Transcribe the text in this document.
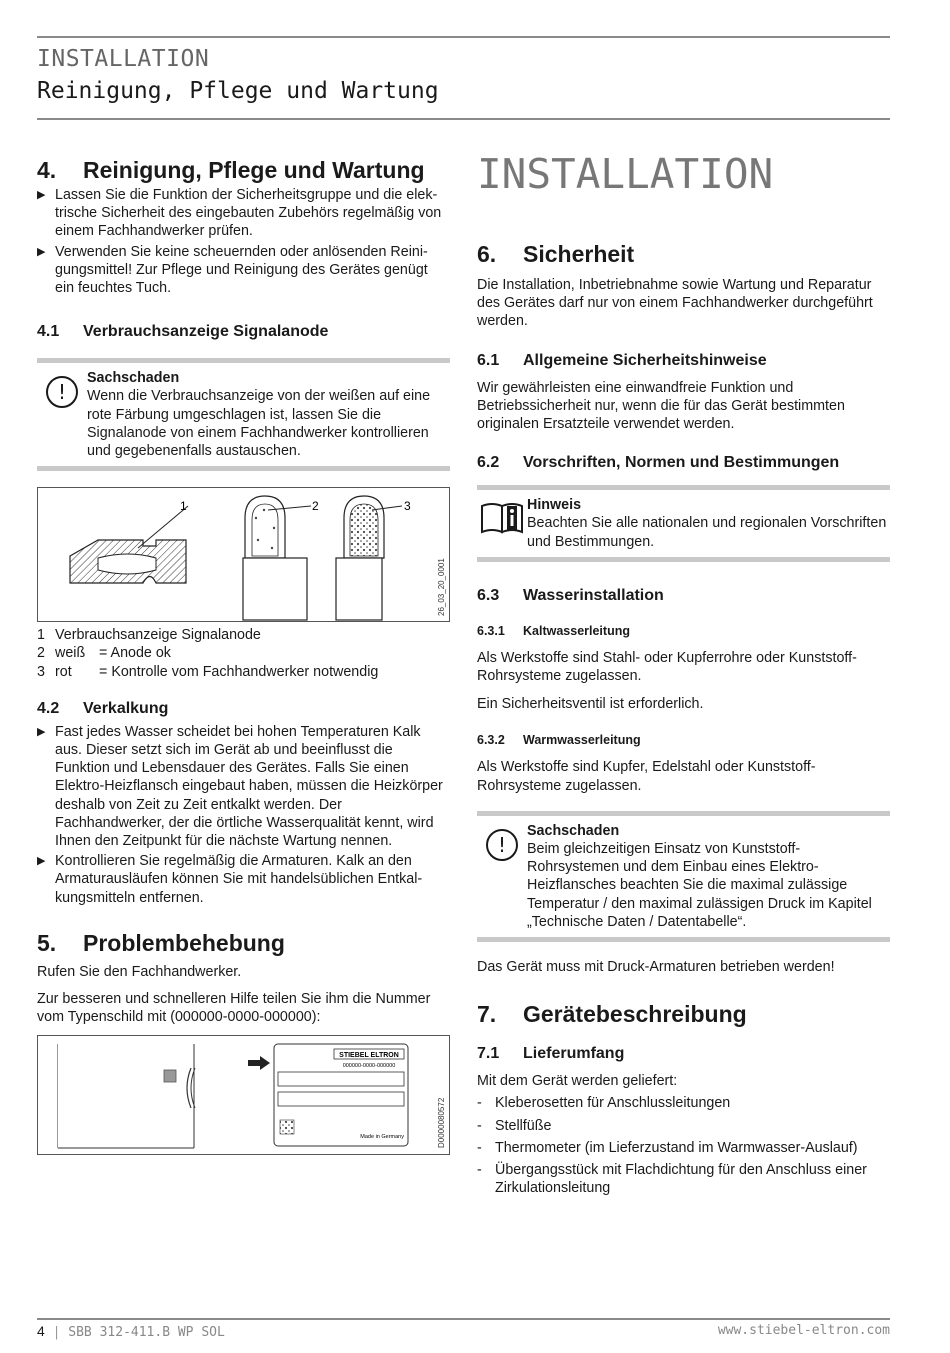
INSTALLATION
Reinigung, Pflege und Wartung
4.	Reinigung, Pflege und Wartung
▶ Lassen Sie die Funktion der Sicherheitsgruppe und die elektrische Sicherheit des eingebauten Zubehörs regelmäßig von einem Fachhandwerker prüfen.
▶ Verwenden Sie keine scheuernden oder anlösenden Reinigungsmittel! Zur Pflege und Reinigung des Gerätes genügt ein feuchtes Tuch.
4.1	Verbrauchsanzeige Signalanode
!
Sachschaden
Wenn die Verbrauchsanzeige von der weißen auf eine rote Färbung umgeschlagen ist, lassen Sie die Signalanode von einem Fachhandwerker kontrollieren und gegebenenfalls austauschen.
1	2	3
26_03_20_0001
1 Verbrauchsanzeige Signalanode
2 weiß = Anode ok
3 rot	= Kontrolle vom Fachhandwerker notwendig
4.2	Verkalkung
▶ Fast jedes Wasser scheidet bei hohen Temperaturen Kalk aus. Dieser setzt sich im Gerät ab und beeinflusst die Funktion und Lebensdauer des Gerätes. Falls Sie einen Elektro-Heizflansch eingebaut haben, müssen die Heizkörper deshalb von Zeit zu Zeit entkalkt werden. Der Fachhandwerker, der die örtliche Wasserqualität kennt, wird Ihnen den Zeitpunkt für die nächste Wartung nennen.
▶ Kontrollieren Sie regelmäßig die Armaturen. Kalk an den Armaturausläufen können Sie mit handelsüblichen Entkalkungsmitteln entfernen.
5.	Problembehebung

Rufen Sie den Fachhandwerker.

Zur besseren und schnelleren Hilfe teilen Sie ihm die Nummer vom Typenschild mit (000000-0000-000000):

STIEBEL ELTRON
000000-0000-000000
Made in Germany	D0000080572
INSTALLATION
6.	Sicherheit

Die Installation, Inbetriebnahme sowie Wartung und Reparatur des Gerätes darf nur von einem Fachhandwerker durchgeführt werden.

6.1	Allgemeine Sicherheitshinweise

Wir gewährleisten eine einwandfreie Funktion und Betriebssicherheit nur, wenn die für das Gerät bestimmten originalen Ersatzteile verwendet werden.

6.2	Vorschriften, Normen und Bestimmungen
Hinweis
Beachten Sie alle nationalen und regionalen Vorschriften und Bestimmungen.
6.3	Wasserinstallation
6.3.1	Kaltwasserleitung

Als Werkstoffe sind Stahl- oder Kupferrohre oder Kunststoff-Rohrsysteme zugelassen.

Ein Sicherheitsventil ist erforderlich.

6.3.2	Warmwasserleitung

Als Werkstoffe sind Kupfer, Edelstahl oder Kunststoff-Rohrsysteme zugelassen.

!
Sachschaden
Beim gleichzeitigen Einsatz von Kunststoff-Rohrsystemen und dem Einbau eines Elektro-Heizflansches beachten Sie die maximal zulässige Temperatur / den maximal zulässigen Druck im Kapitel „Technische Daten / Datentabelle“.

Das Gerät muss mit Druck-Armaturen betrieben werden!

7.	Gerätebeschreibung
7.1	Lieferumfang

Mit dem Gerät werden geliefert:

- Kleberosetten für Anschlussleitungen
- Stellfüße
- Thermometer (im Lieferzustand im Warmwasser-Auslauf)
- Übergangsstück mit Flachdichtung für den Anschluss einer Zirkulationsleitung
4 | SBB 312-411.B WP SOL	www.stiebel-eltron.com
